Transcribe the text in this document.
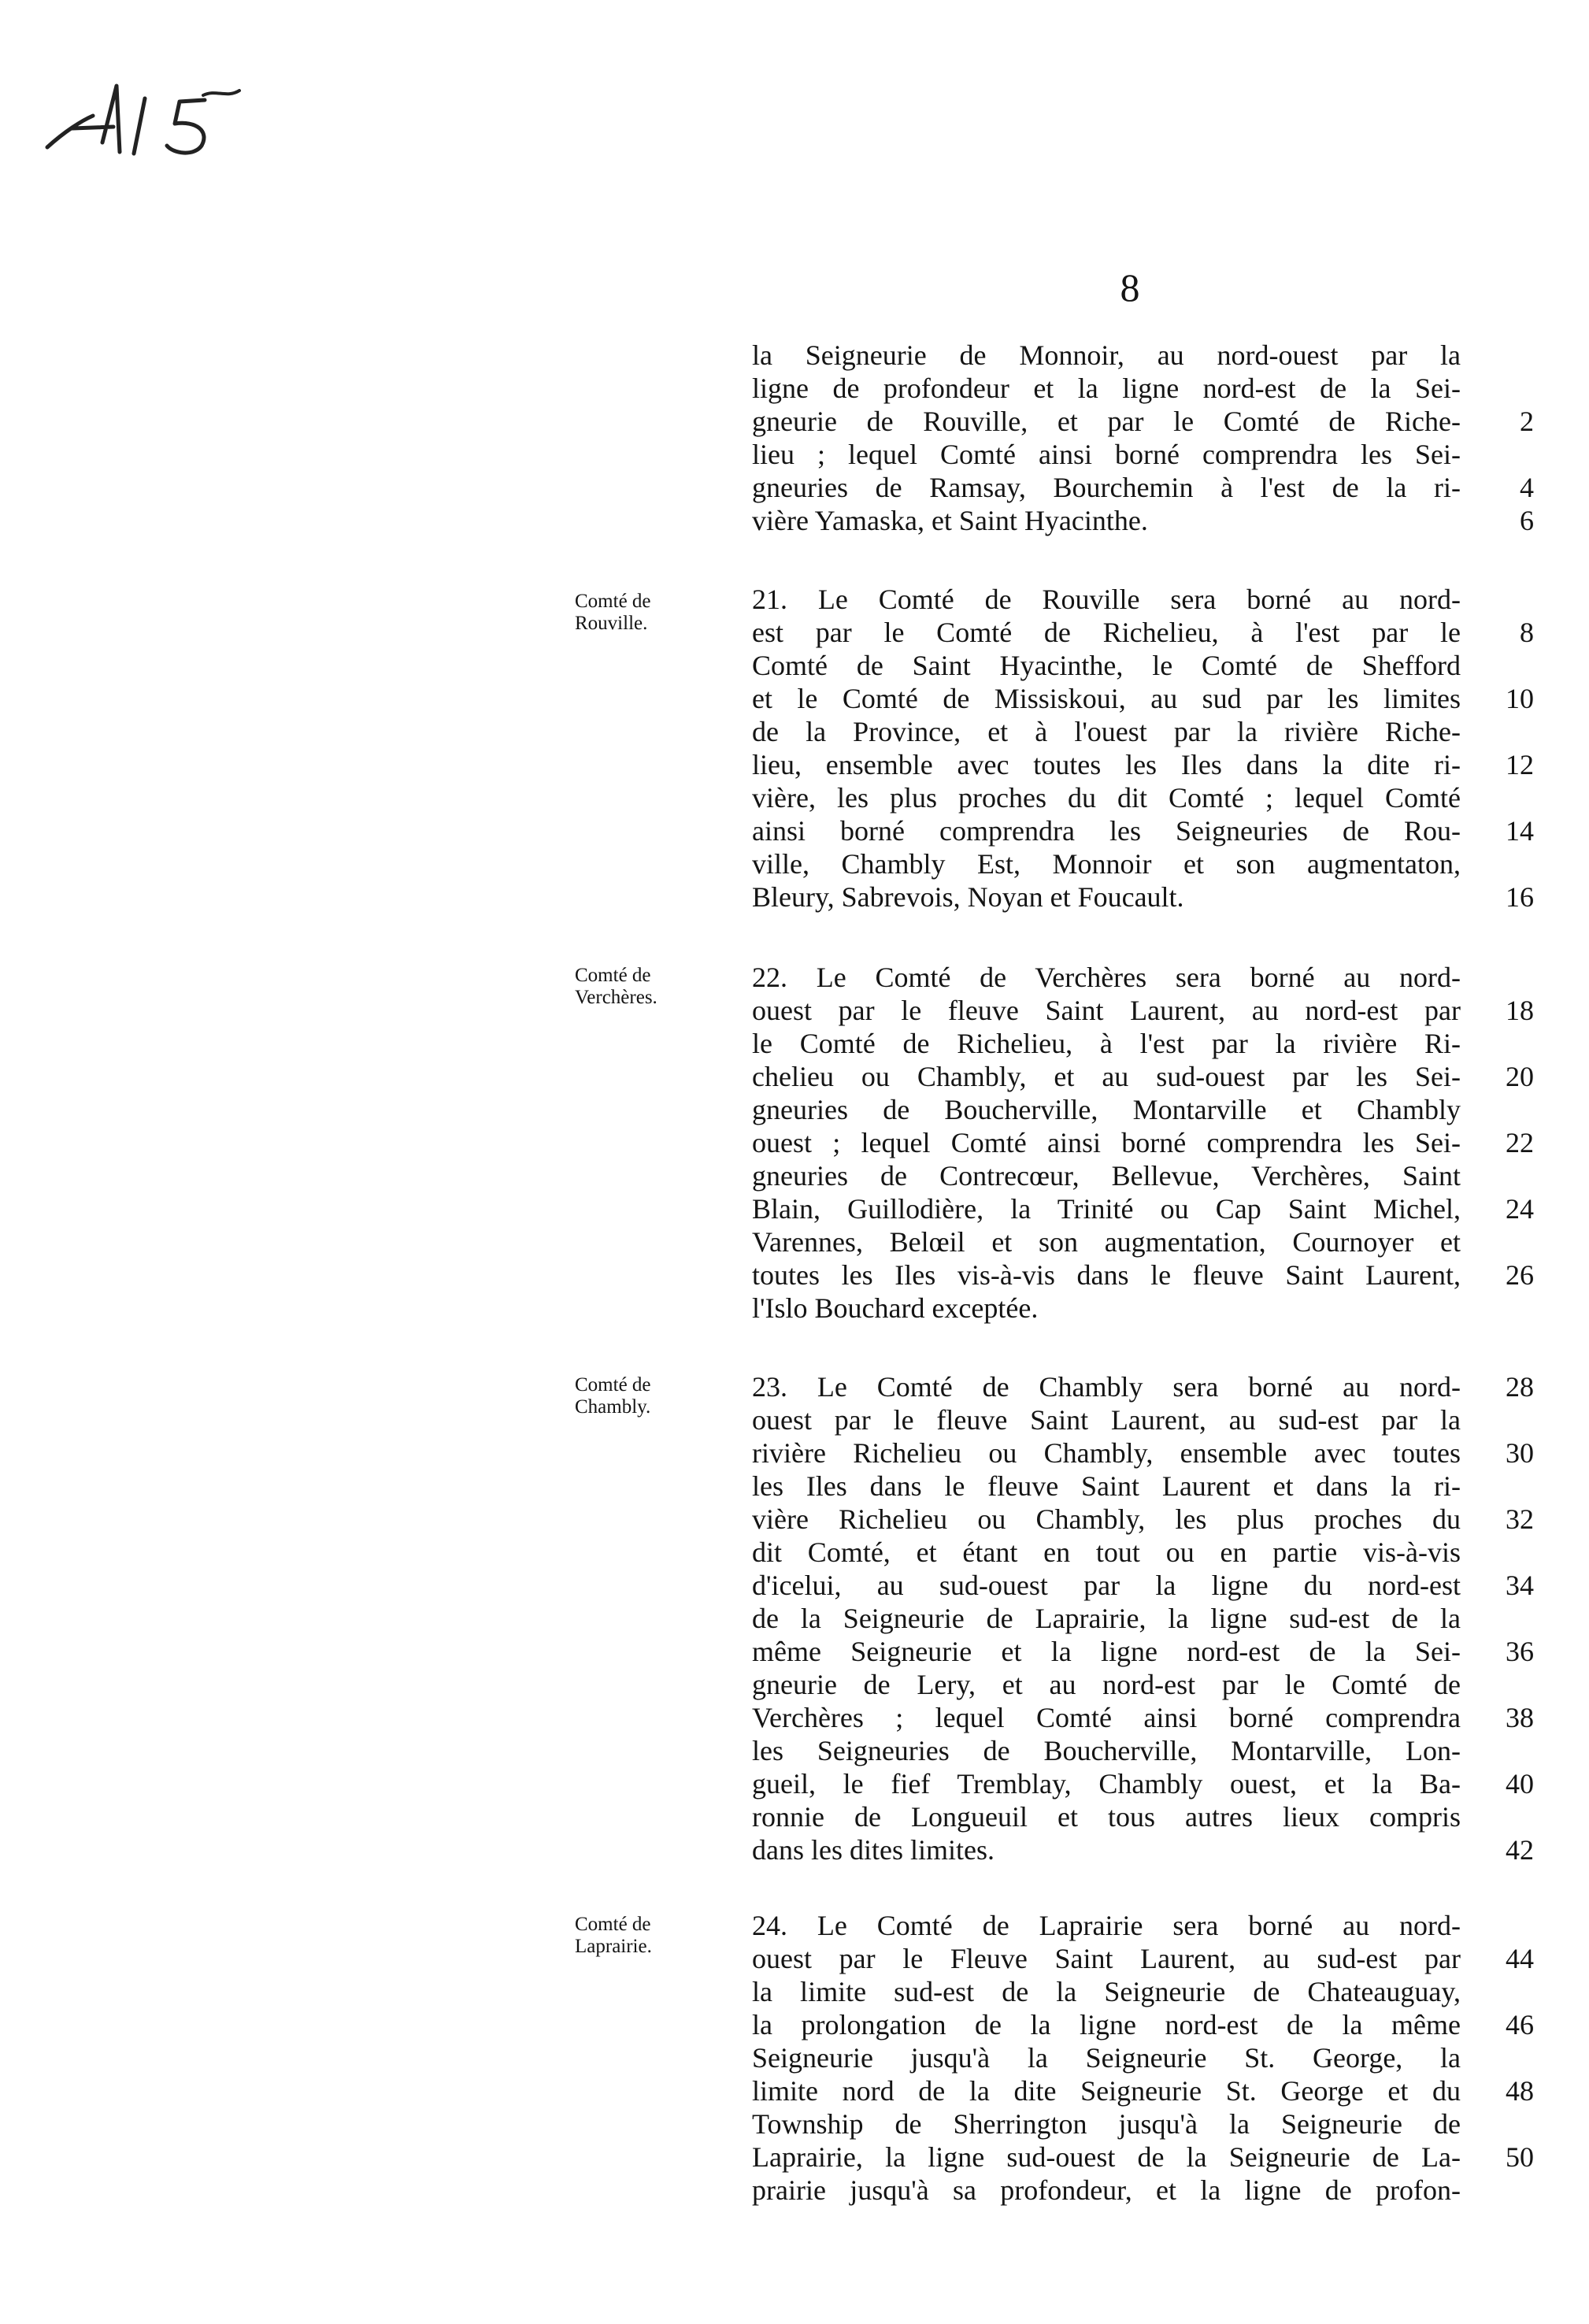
8
la Seigneurie de Monnoir, au nord-ouest par la
ligne de profondeur et la ligne nord-est de la Sei-
gneurie de Rouville, et par le Comté de Riche-
lieu ; lequel Comté ainsi borné comprendra les Sei-
gneuries de Ramsay, Bourchemin à l'est de la ri-
vière Yamaska, et Saint Hyacinthe.
Comté de
Rouville.
21. Le Comté de Rouville sera borné au nord-
est par le Comté de Richelieu, à l'est par le
Comté de Saint Hyacinthe, le Comté de Shefford
et le Comté de Missiskoui, au sud par les limites
de la Province, et à l'ouest par la rivière Riche-
lieu, ensemble avec toutes les Iles dans la dite ri-
vière, les plus proches du dit Comté ; lequel Comté
ainsi borné comprendra les Seigneuries de Rou-
ville, Chambly Est, Monnoir et son augmentaton,
Bleury, Sabrevois, Noyan et Foucault.
Comté de
Verchères.
22. Le Comté de Verchères sera borné au nord-
ouest par le fleuve Saint Laurent, au nord-est par
le Comté de Richelieu, à l'est par la rivière Ri-
chelieu ou Chambly, et au sud-ouest par les Sei-
gneuries de Boucherville, Montarville et Chambly
ouest ; lequel Comté ainsi borné comprendra les Sei-
gneuries de Contrecœur, Bellevue, Verchères, Saint
Blain, Guillodière, la Trinité ou Cap Saint Michel,
Varennes, Belœil et son augmentation, Cournoyer et
toutes les Iles vis-à-vis dans le fleuve Saint Laurent,
l'Islo Bouchard exceptée.
Comté de
Chambly.
23. Le Comté de Chambly sera borné au nord-
ouest par le fleuve Saint Laurent, au sud-est par la
rivière Richelieu ou Chambly, ensemble avec toutes
les Iles dans le fleuve Saint Laurent et dans la ri-
vière Richelieu ou Chambly, les plus proches du
dit Comté, et étant en tout ou en partie vis-à-vis
d'icelui, au sud-ouest par la ligne du nord-est
de la Seigneurie de Laprairie, la ligne sud-est de la
même Seigneurie et la ligne nord-est de la Sei-
gneurie de Lery, et au nord-est par le Comté de
Verchères ; lequel Comté ainsi borné comprendra
les Seigneuries de Boucherville, Montarville, Lon-
gueil, le fief Tremblay, Chambly ouest, et la Ba-
ronnie de Longueuil et tous autres lieux compris
dans les dites limites.
Comté de
Laprairie.
24. Le Comté de Laprairie sera borné au nord-
ouest par le Fleuve Saint Laurent, au sud-est par
la limite sud-est de la Seigneurie de Chateauguay,
la prolongation de la ligne nord-est de la même
Seigneurie jusqu'à la Seigneurie St. George, la
limite nord de la dite Seigneurie St. George et du
Township de Sherrington jusqu'à la Seigneurie de
Laprairie, la ligne sud-ouest de la Seigneurie de La-
prairie jusqu'à sa profondeur, et la ligne de profon-
2
4
6
8
10
12
14
16
18
20
22
24
26
28
30
32
34
36
38
40
42
44
46
48
50
